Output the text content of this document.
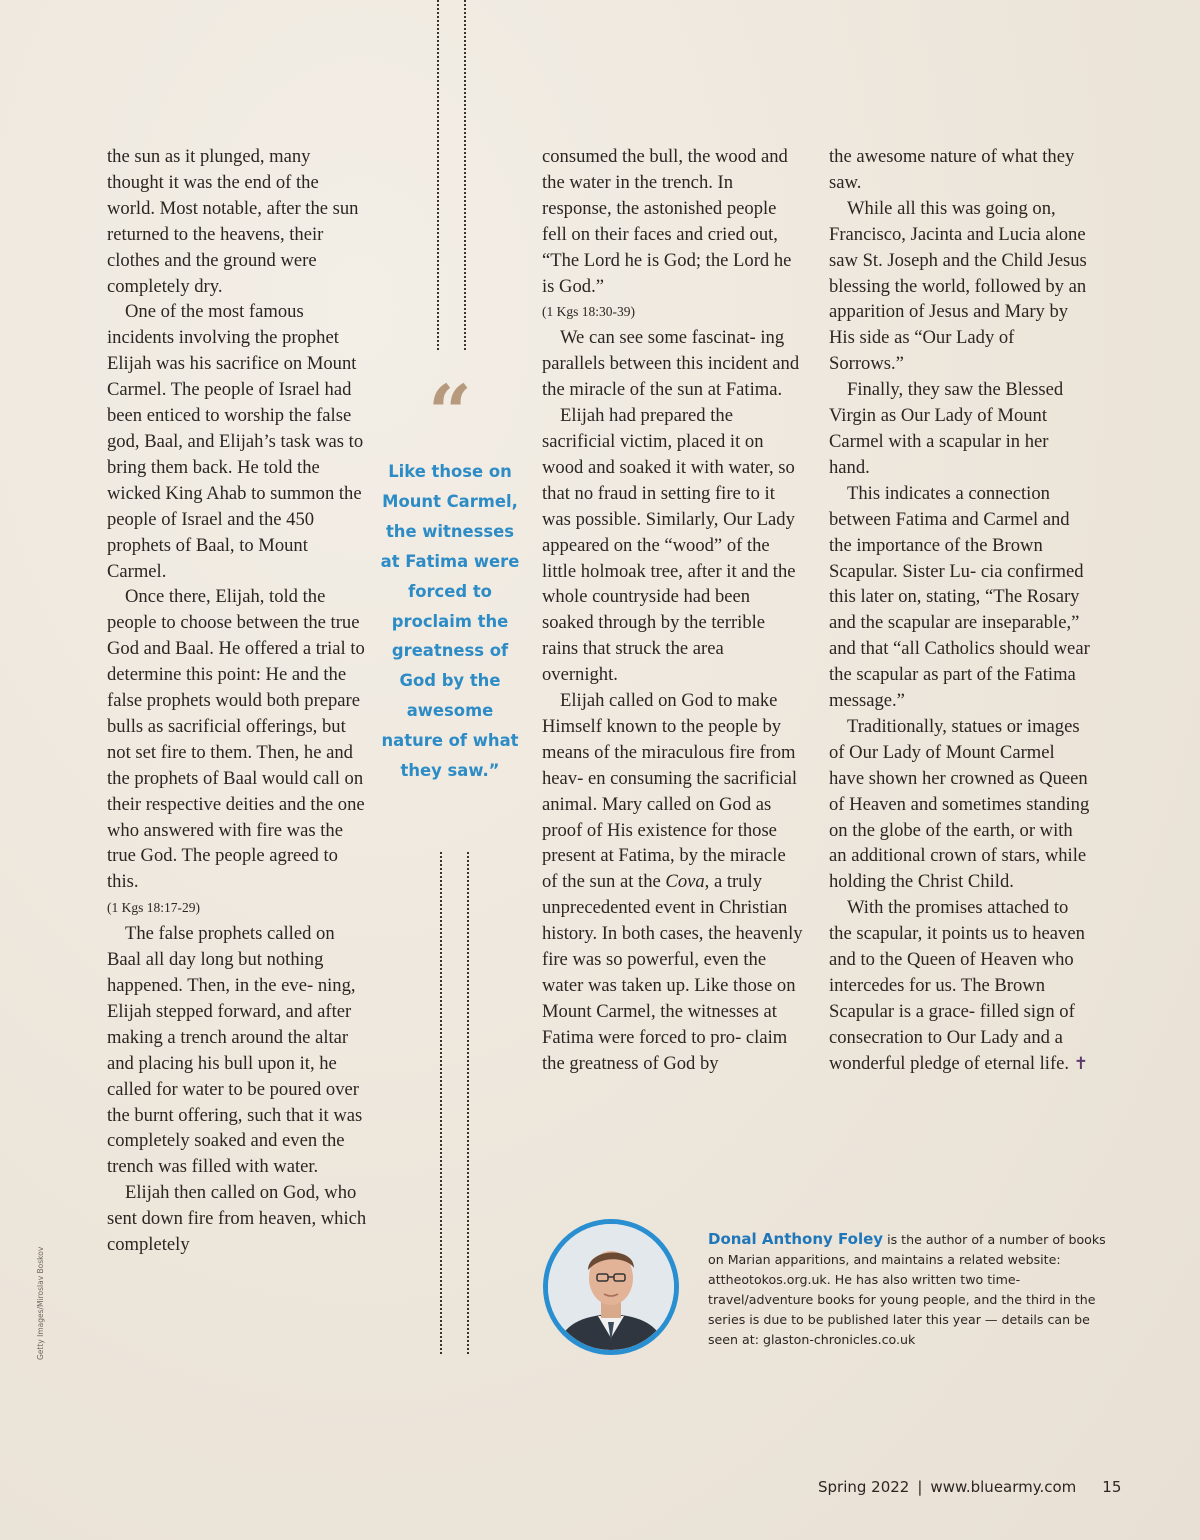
the sun as it plunged, many thought it was the end of the world. Most notable, after the sun returned to the heavens, their clothes and the ground were completely dry.

One of the most famous incidents involving the prophet Elijah was his sacrifice on Mount Carmel. The people of Israel had been enticed to worship the false god, Baal, and Elijah’s task was to bring them back. He told the wicked King Ahab to summon the people of Israel and the 450 prophets of Baal, to Mount Carmel.

Once there, Elijah, told the people to choose between the true God and Baal. He offered a trial to determine this point: He and the false prophets would both prepare bulls as sacrificial offerings, but not set fire to them. Then, he and the prophets of Baal would call on their respective deities and the one who answered with fire was the true God. The people agreed to this.

(1 Kgs 18:17-29)

The false prophets called on Baal all day long but nothing happened. Then, in the eve- ning, Elijah stepped forward, and after making a trench around the altar and placing his bull upon it, he called for water to be poured over the burnt offering, such that it was completely soaked and even the trench was filled with water.

Elijah then called on God, who sent down fire from heaven, which completely

“
Like those on Mount Carmel, the witnesses at Fatima were forced to proclaim the greatness of God by the awesome nature of what they saw.”

consumed the bull, the wood and the water in the trench. In response, the astonished people fell on their faces and cried out, “The Lord he is God; the Lord he is God.”

(1 Kgs 18:30-39)

We can see some fascinat- ing parallels between this incident and the miracle of the sun at Fatima.

Elijah had prepared the sacrificial victim, placed it on wood and soaked it with water, so that no fraud in setting fire to it was possible. Similarly, Our Lady appeared on the “wood” of the little holmoak tree, after it and the whole countryside had been soaked through by the terrible rains that struck the area overnight.

Elijah called on God to make Himself known to the people by means of the miraculous fire from heav- en consuming the sacrificial animal. Mary called on God as proof of His existence for those present at Fatima, by the miracle of the sun at the Cova, a truly unprecedented event in Christian history. In both cases, the heavenly fire was so powerful, even the water was taken up. Like those on Mount Carmel, the witnesses at Fatima were forced to pro- claim the greatness of God by

the awesome nature of what they saw.

While all this was going on, Francisco, Jacinta and Lucia alone saw St. Joseph and the Child Jesus blessing the world, followed by an apparition of Jesus and Mary by His side as “Our Lady of Sorrows.”

Finally, they saw the Blessed Virgin as Our Lady of Mount Carmel with a scapular in her hand.

This indicates a connection between Fatima and Carmel and the importance of the Brown Scapular. Sister Lu- cia confirmed this later on, stating, “The Rosary and the scapular are inseparable,” and that “all Catholics should wear the scapular as part of the Fatima message.”

Traditionally, statues or images of Our Lady of Mount Carmel have shown her crowned as Queen of Heaven and sometimes standing on the globe of the earth, or with an additional crown of stars, while holding the Christ Child.

With the promises attached to the scapular, it points us to heaven and to the Queen of Heaven who intercedes for us. The Brown Scapular is a grace- filled sign of consecration to Our Lady and a wonderful pledge of eternal life. ✝

Donal Anthony Foley is the author of a number of books on Marian apparitions, and maintains a related website: attheotokos.org.uk. He has also written two time-travel/adventure books for young people, and the third in the series is due to be published later this year — details can be seen at: glaston-chronicles.co.uk
Getty Images/Miroslav Boskov
Spring 2022 | www.bluearmy.com 15
